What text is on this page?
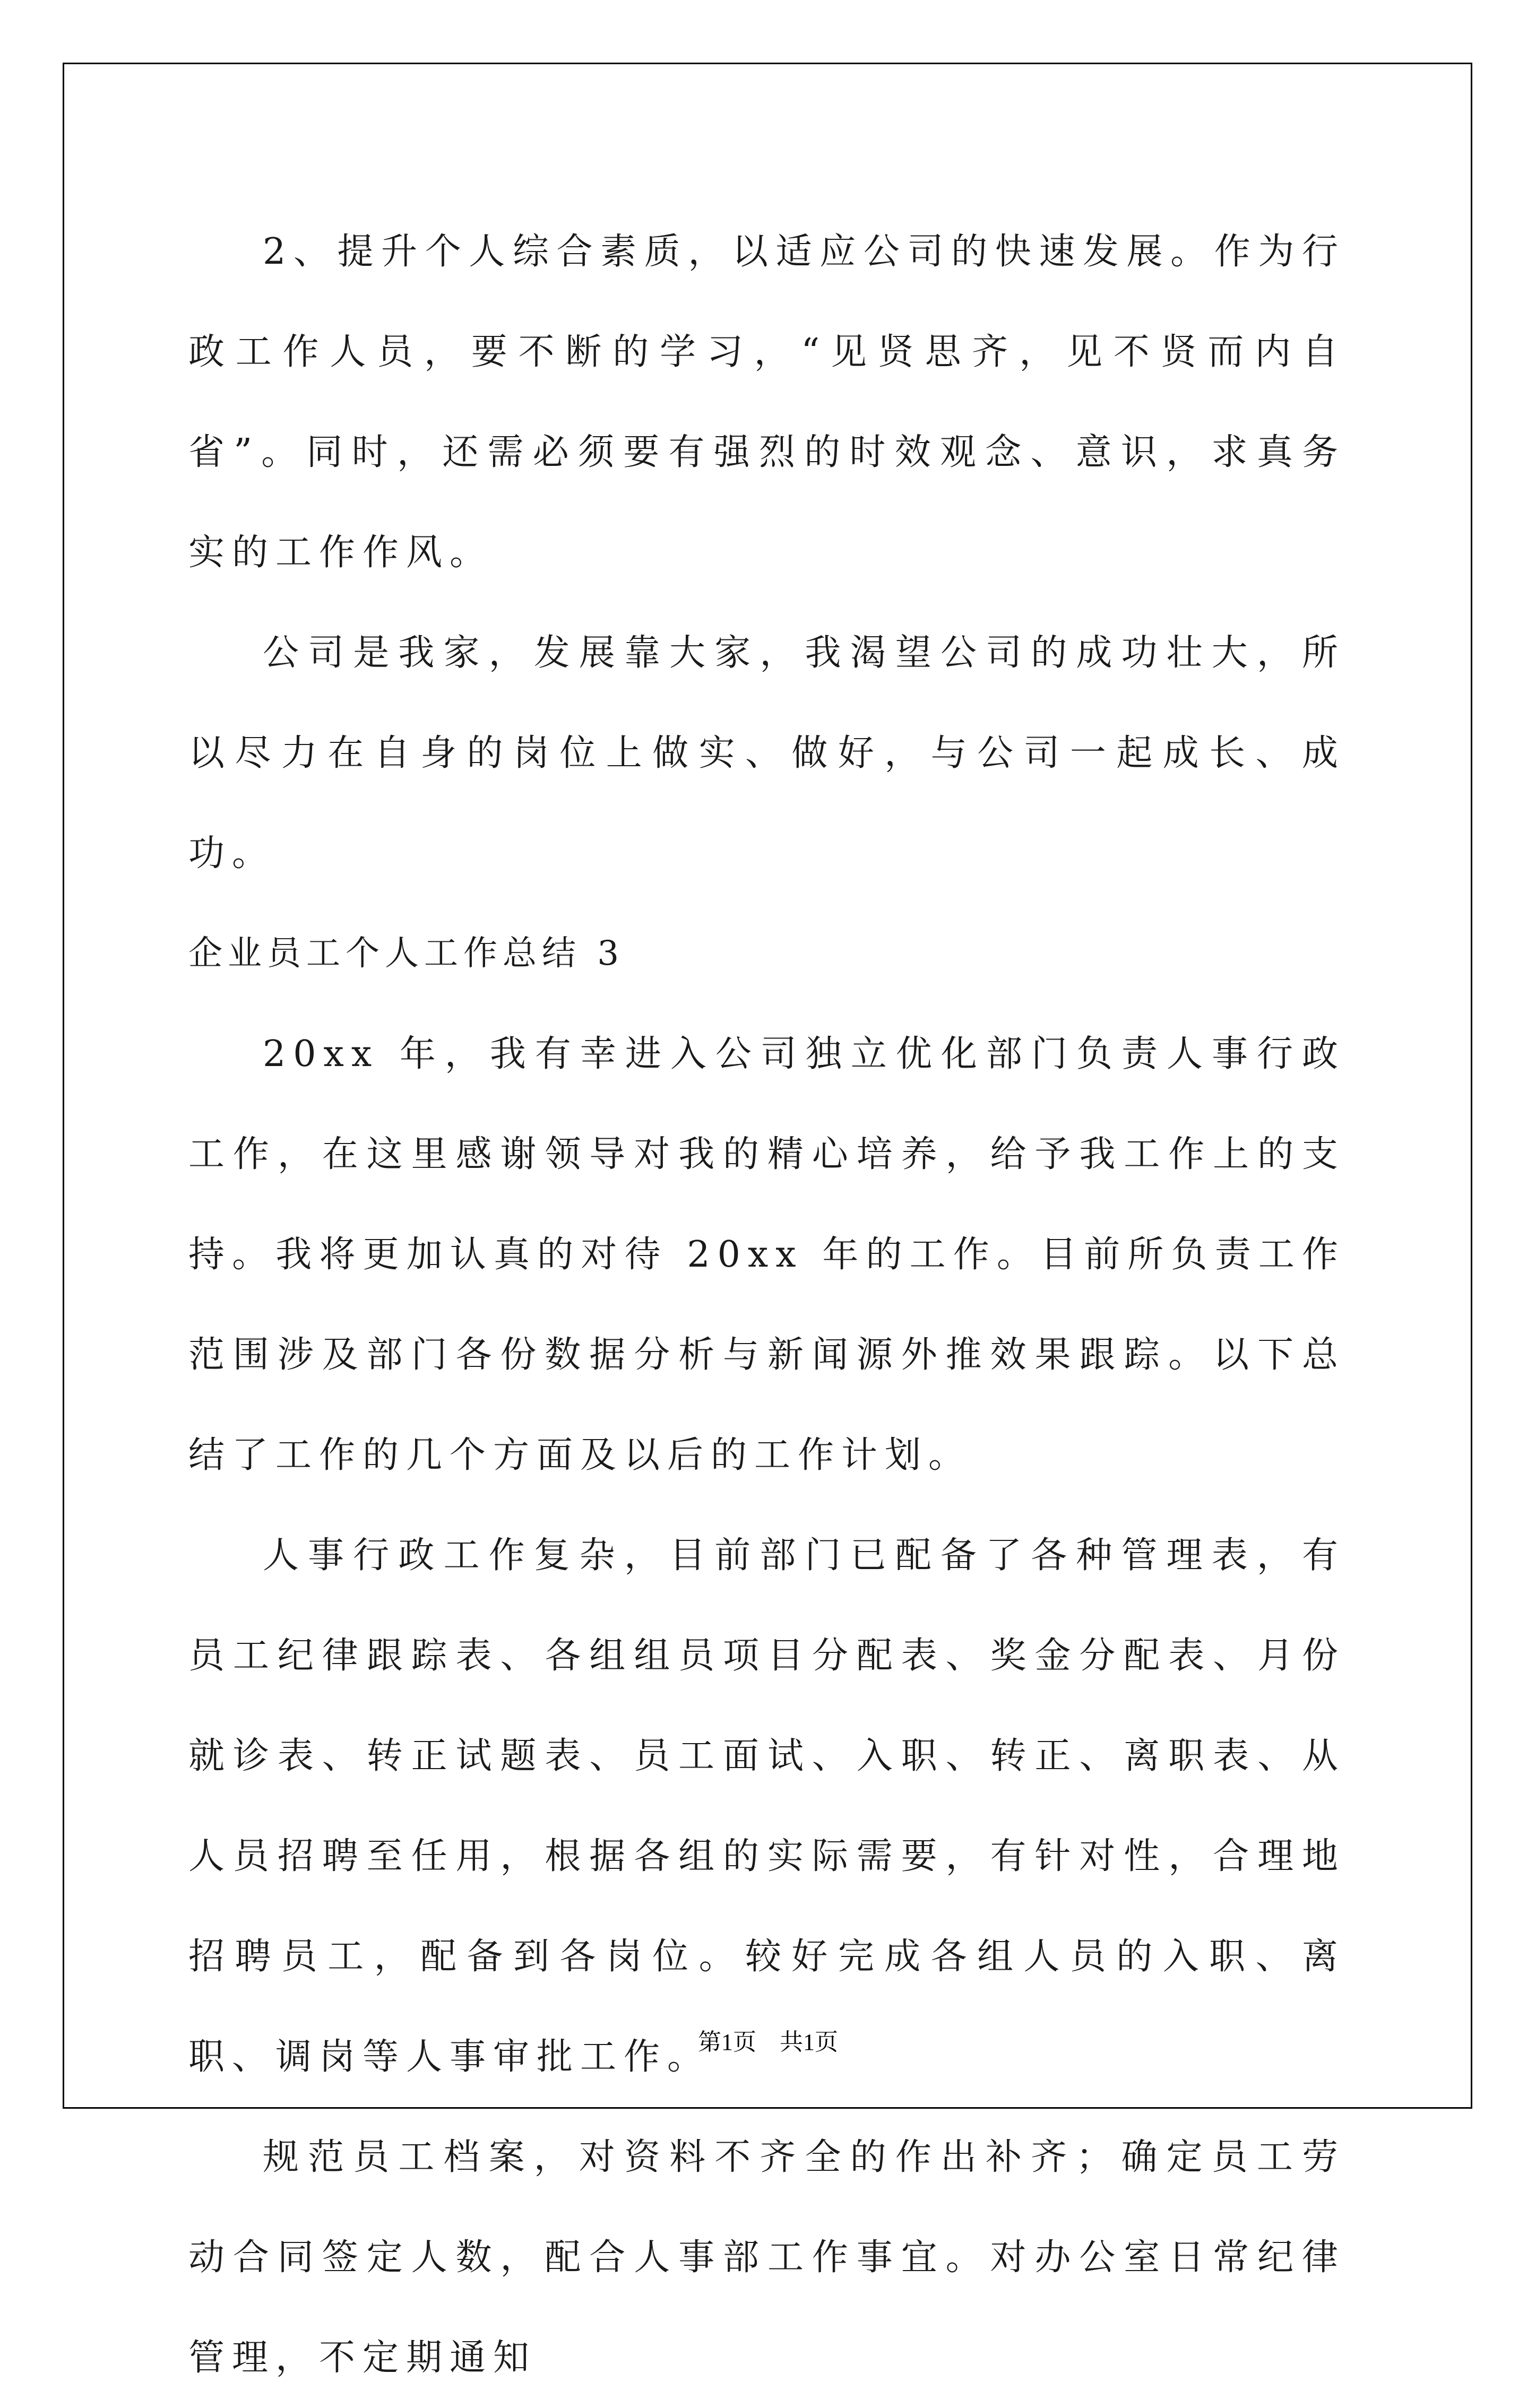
2、提升个人综合素质，以适应公司的快速发展。作为行政工作人员，要不断的学习，“见贤思齐，见不贤而内自省”。同时，还需必须要有强烈的时效观念、意识，求真务实的工作作风。

公司是我家，发展靠大家，我渴望公司的成功壮大，所以尽力在自身的岗位上做实、做好，与公司一起成长、成功。

企业员工个人工作总结 3

20xx 年，我有幸进入公司独立优化部门负责人事行政工作，在这里感谢领导对我的精心培养，给予我工作上的支持。我将更加认真的对待 20xx 年的工作。目前所负责工作范围涉及部门各份数据分析与新闻源外推效果跟踪。以下总结了工作的几个方面及以后的工作计划。

人事行政工作复杂，目前部门已配备了各种管理表，有员工纪律跟踪表、各组组员项目分配表、奖金分配表、月份就诊表、转正试题表、员工面试、入职、转正、离职表、从人员招聘至任用，根据各组的实际需要，有针对性，合理地招聘员工，配备到各岗位。较好完成各组人员的入职、离职、调岗等人事审批工作。

规范员工档案，对资料不齐全的作出补齐；确定员工劳动合同签定人数，配合人事部工作事宜。对办公室日常纪律管理，不定期通知

第1页　共1页
